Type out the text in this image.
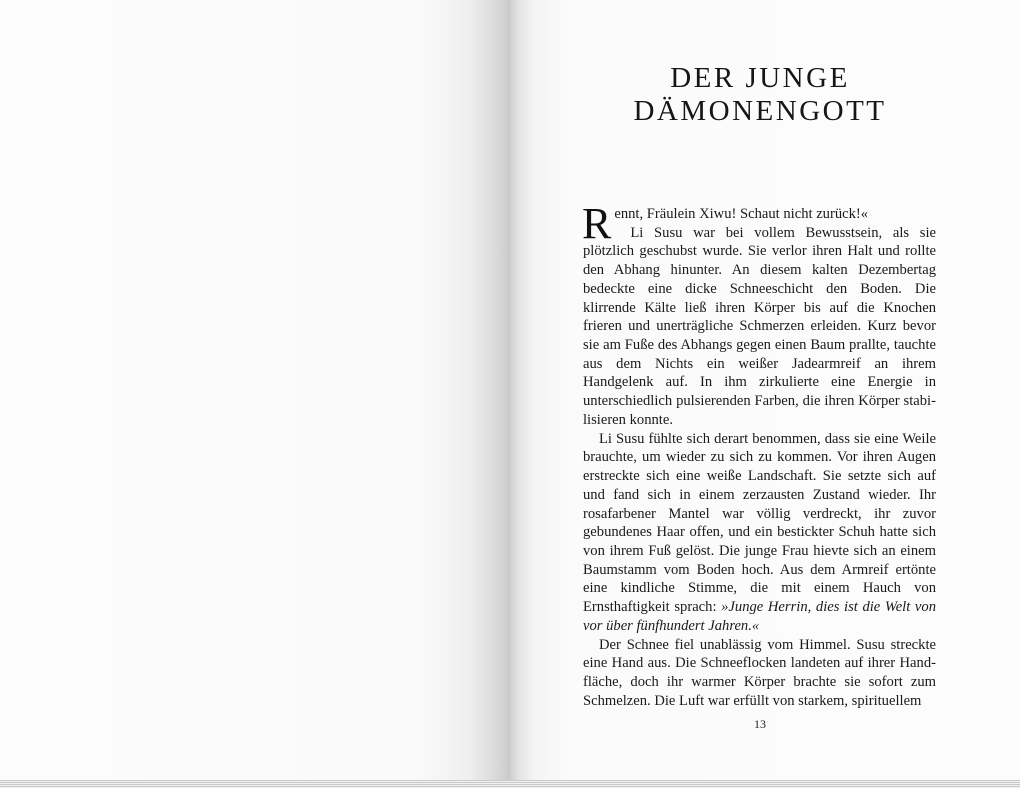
DER JUNGE
DÄMONENGOTT

Rennt, Fräulein Xiwu! Schaut nicht zurück!«

Li Susu war bei vollem Bewusstsein, als sie plötzlich geschubst wurde. Sie verlor ihren Halt und rollte den Abhang hinunter. An diesem kalten Dezembertag bedeckte eine dicke Schneeschicht den Boden. Die klirrende Kälte ließ ihren Körper bis auf die Knochen frieren und unerträgliche Schmerzen erleiden. Kurz bevor sie am Fuße des Abhangs gegen einen Baum prallte, tauchte aus dem Nichts ein weißer Jadearmreif an ihrem Handgelenk auf. In ihm zirkulierte eine Energie in unterschiedlich pulsierenden Farben, die ihren Körper stabilisieren konnte.

Li Susu fühlte sich derart benommen, dass sie eine Weile brauchte, um wieder zu sich zu kommen. Vor ihren Augen erstreckte sich eine weiße Landschaft. Sie setzte sich auf und fand sich in einem zerzausten Zustand wieder. Ihr rosafarbener Mantel war völlig verdreckt, ihr zuvor gebundenes Haar offen, und ein bestickter Schuh hatte sich von ihrem Fuß gelöst. Die junge Frau hievte sich an einem Baumstamm vom Boden hoch. Aus dem Armreif ertönte eine kindliche Stimme, die mit einem Hauch von Ernsthaftigkeit sprach: »Junge Herrin, dies ist die Welt von vor über fünfhundert Jahren.«

Der Schnee fiel unablässig vom Himmel. Susu streckte eine Hand aus. Die Schneeflocken landeten auf ihrer Handfläche, doch ihr warmer Körper brachte sie sofort zum Schmelzen. Die Luft war erfüllt von starkem, spirituellem

13
